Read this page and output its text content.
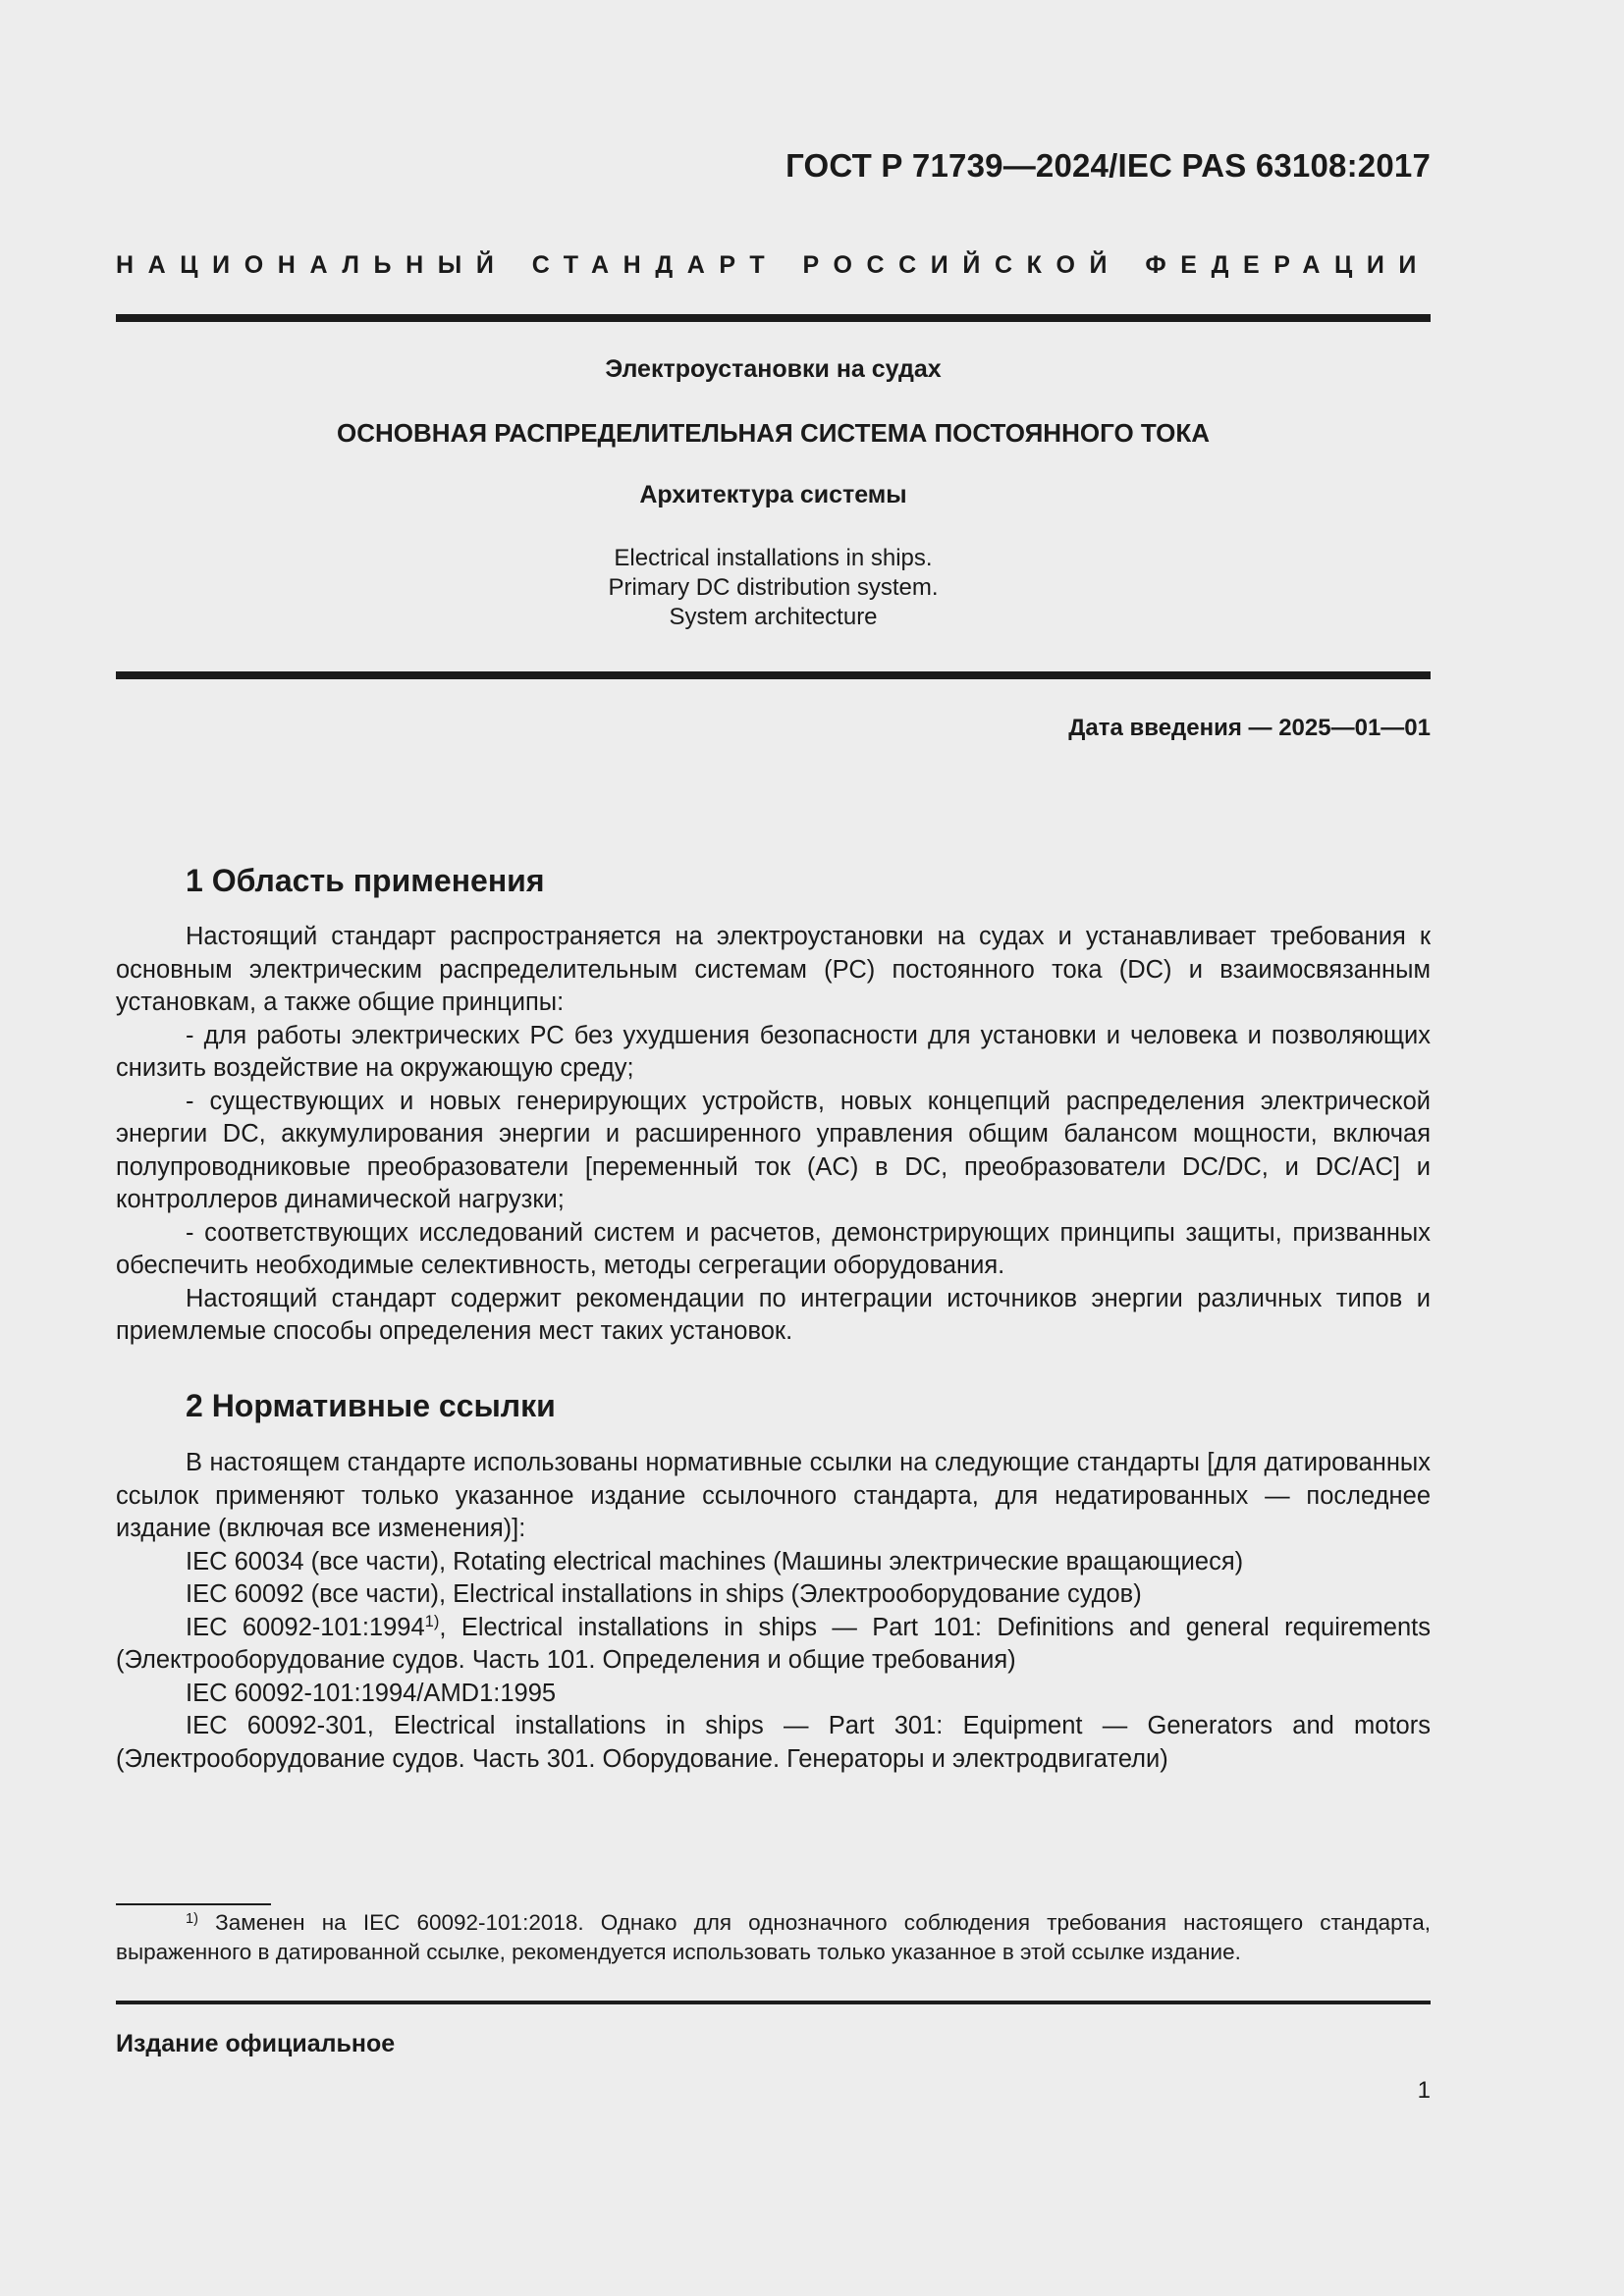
ГОСТ Р 71739—2024/IEC PAS 63108:2017
НАЦИОНАЛЬНЫЙ СТАНДАРТ РОССИЙСКОЙ ФЕДЕРАЦИИ
Электроустановки на судах
ОСНОВНАЯ РАСПРЕДЕЛИТЕЛЬНАЯ СИСТЕМА ПОСТОЯННОГО ТОКА
Архитектура системы
Electrical installations in ships.
Primary DC distribution system.
System architecture
Дата введения — 2025—01—01
1 Область применения

Настоящий стандарт распространяется на электроустановки на судах и устанавливает требования к основным электрическим распределительным системам (РС) постоянного тока (DC) и взаимосвязанным установкам, а также общие принципы:

- для работы электрических РС без ухудшения безопасности для установки и человека и позволяющих снизить воздействие на окружающую среду;

- существующих и новых генерирующих устройств, новых концепций распределения электрической энергии DC, аккумулирования энергии и расширенного управления общим балансом мощности, включая полупроводниковые преобразователи [переменный ток (AC) в DC, преобразователи DC/DC, и DC/AC] и контроллеров динамической нагрузки;

- соответствующих исследований систем и расчетов, демонстрирующих принципы защиты, призванных обеспечить необходимые селективность, методы сегрегации оборудования.

Настоящий стандарт содержит рекомендации по интеграции источников энергии различных типов и приемлемые способы определения мест таких установок.

2 Нормативные ссылки

В настоящем стандарте использованы нормативные ссылки на следующие стандарты [для датированных ссылок применяют только указанное издание ссылочного стандарта, для недатированных — последнее издание (включая все изменения)]:

IEC 60034 (все части), Rotating electrical machines (Машины электрические вращающиеся)

IEC 60092 (все части), Electrical installations in ships (Электрооборудование судов)

IEC 60092-101:1994$^{1)}$, Electrical installations in ships — Part 101: Definitions and general requirements (Электрооборудование судов. Часть 101. Определения и общие требования)

IEC 60092-101:1994/AMD1:1995

IEC 60092-301, Electrical installations in ships — Part 301: Equipment — Generators and motors (Электрооборудование судов. Часть 301. Оборудование. Генераторы и электродвигатели)

$^{1)}$ Заменен на IEC 60092-101:2018. Однако для однозначного соблюдения требования настоящего стандарта, выраженного в датированной ссылке, рекомендуется использовать только указанное в этой ссылке издание.

Издание официальное
1
